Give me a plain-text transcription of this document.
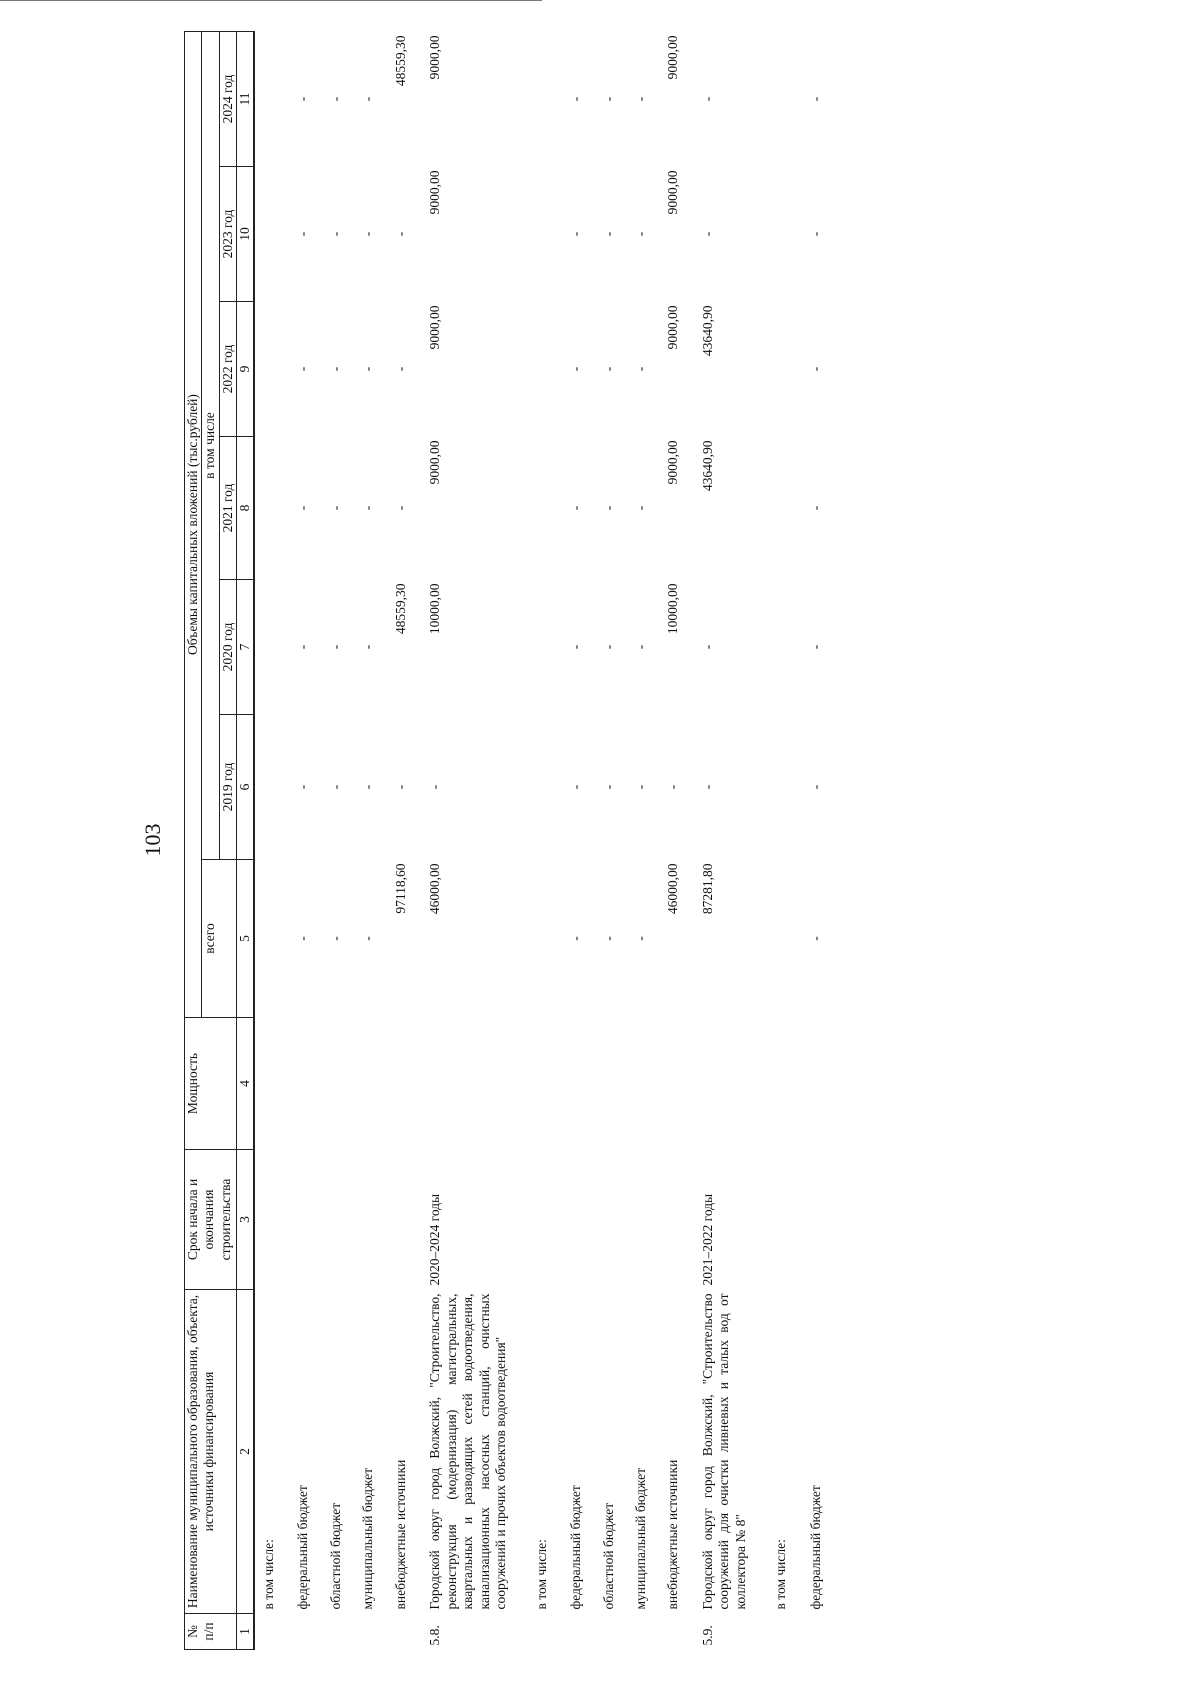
103
№ п/п	Наименование муниципального образования, объекта, источники финансирования	Срок начала и окончания строительства	Мощность	Объемы капитальных вложений (тыс.рублей)						
				всего	в том числе					
					2019 год	2020 год	2021 год	2022 год	2023 год	2024 год
1	2	3	4	5	6	7	8	9	10	11
	в том числе:									
	федеральный бюджет			-	-	-	-	-	-	-
	областной бюджет			-	-	-	-	-	-	-
	муниципальный бюджет			-	-	-	-	-	-	-
	внебюджетные источники			97118,60	-	48559,30	-	-	-	48559,30
5.8.	Городской округ город Волжский, "Строительство, реконструкция (модернизация) магистральных, квартальных и разводящих сетей водоотведения, канализационных насосных станций, очистных сооружений и прочих объектов водоотведения"	2020–2024 годы		46000,00	-	10000,00	9000,00	9000,00	9000,00	9000,00
	в том числе:									
	федеральный бюджет			-	-	-	-	-	-	-
	областной бюджет			-	-	-	-	-	-	-
	муниципальный бюджет			-	-	-	-	-	-	-
	внебюджетные источники			46000,00	-	10000,00	9000,00	9000,00	9000,00	9000,00
5.9.	Городской округ город Волжский, "Строительство сооружений для очистки ливневых и талых вод от коллектора № 8"	2021–2022 годы		87281,80	-	-	43640,90	43640,90	-	-
	в том числе:									
	федеральный бюджет			-	-	-	-	-	-	-
